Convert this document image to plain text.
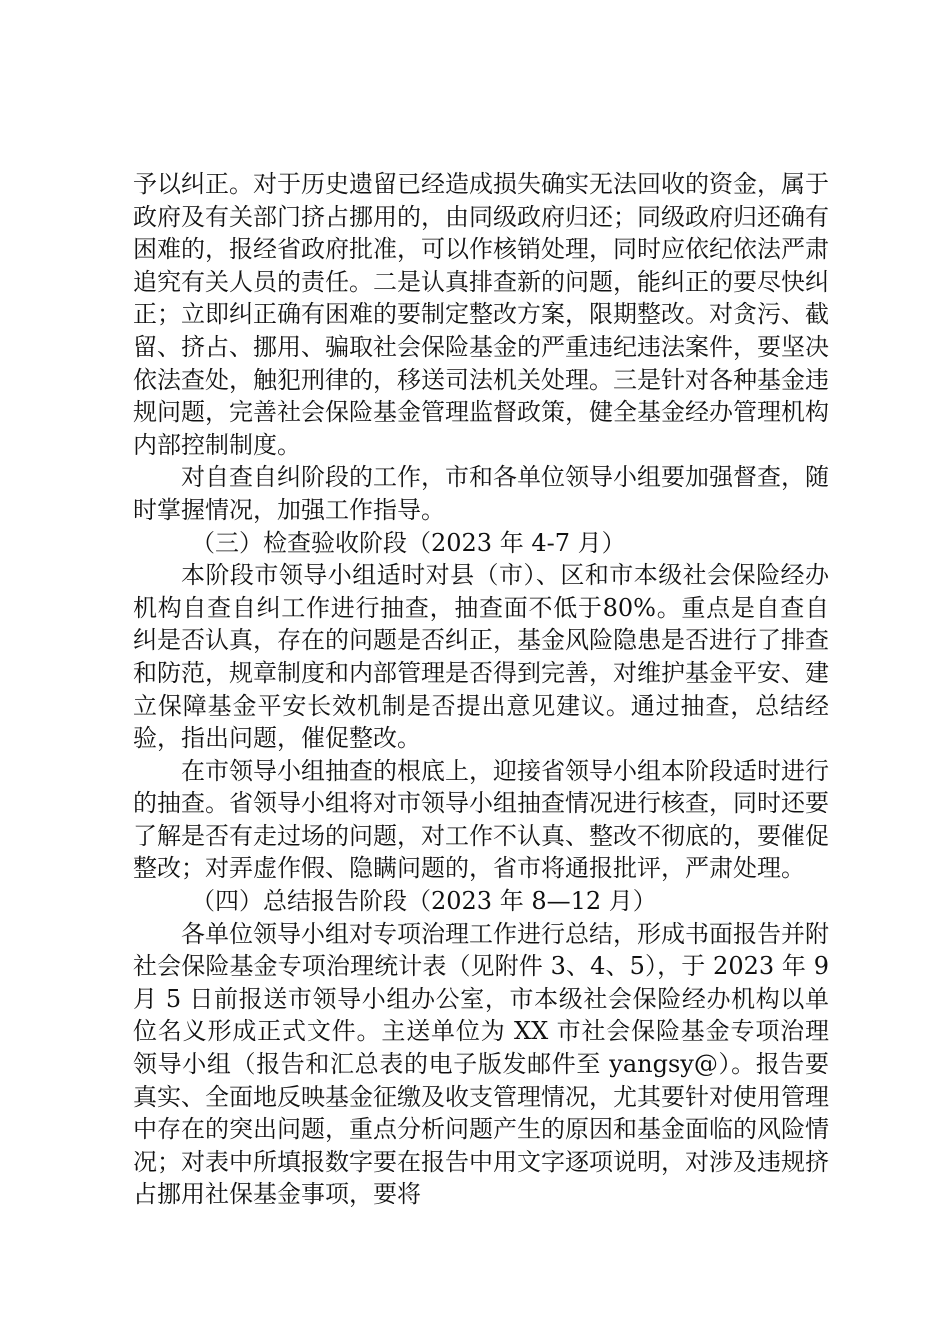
予以纠正。对于历史遗留已经造成损失确实无法回收的资金，属于政府及有关部门挤占挪用的，由同级政府归还；同级政府归还确有困难的，报经省政府批准，可以作核销处理，同时应依纪依法严肃追究有关人员的责任。二是认真排查新的问题，能纠正的要尽快纠正；立即纠正确有困难的要制定整改方案，限期整改。对贪污、截留、挤占、挪用、骗取社会保险基金的严重违纪违法案件，要坚决依法查处，触犯刑律的，移送司法机关处理。三是针对各种基金违规问题，完善社会保险基金管理监督政策，健全基金经办管理机构内部控制制度。

对自查自纠阶段的工作，市和各单位领导小组要加强督查，随时掌握情况，加强工作指导。

（三）检查验收阶段（2023 年 4-7 月）

本阶段市领导小组适时对县（市）、区和市本级社会保险经办机构自查自纠工作进行抽查，抽查面不低于80%。重点是自查自纠是否认真，存在的问题是否纠正，基金风险隐患是否进行了排查和防范，规章制度和内部管理是否得到完善，对维护基金平安、建立保障基金平安长效机制是否提出意见建议。通过抽查，总结经验，指出问题，催促整改。

在市领导小组抽查的根底上，迎接省领导小组本阶段适时进行的抽查。省领导小组将对市领导小组抽查情况进行核查，同时还要了解是否有走过场的问题，对工作不认真、整改不彻底的，要催促整改；对弄虚作假、隐瞒问题的，省市将通报批评，严肃处理。

（四）总结报告阶段（2023 年 8—12 月）

各单位领导小组对专项治理工作进行总结，形成书面报告并附社会保险基金专项治理统计表（见附件 3、4、5），于 2023 年 9 月 5 日前报送市领导小组办公室，市本级社会保险经办机构以单位名义形成正式文件。主送单位为 XX 市社会保险基金专项治理领导小组（报告和汇总表的电子版发邮件至 yangsy@）。报告要真实、全面地反映基金征缴及收支管理情况，尤其要针对使用管理中存在的突出问题，重点分析问题产生的原因和基金面临的风险情况；对表中所填报数字要在报告中用文字逐项说明，对涉及违规挤占挪用社保基金事项，要将
